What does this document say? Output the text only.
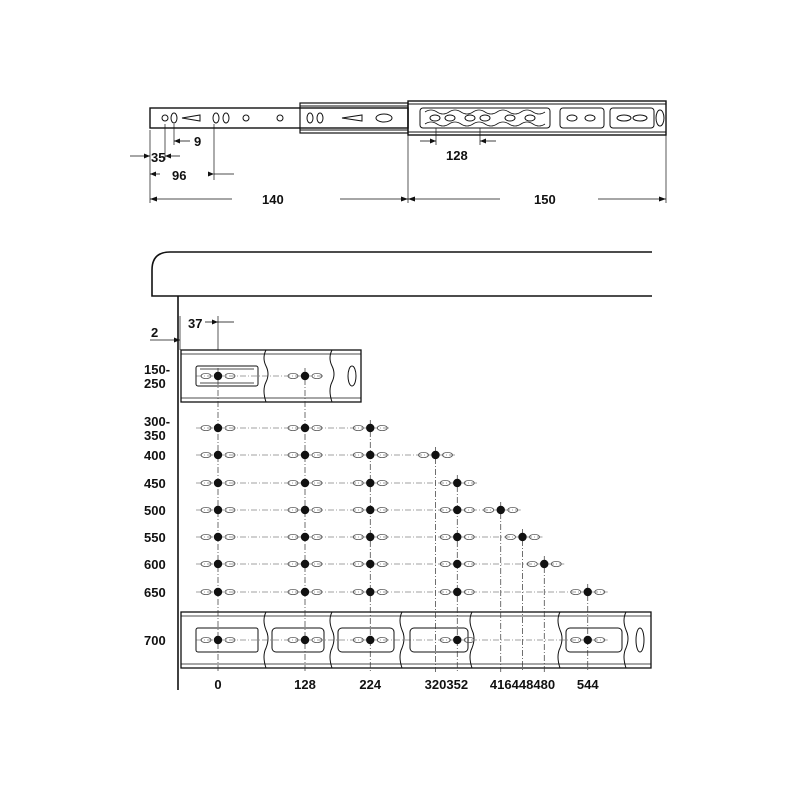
9
35
96
128
140	150
2
37
150-
250
300-
350
400
450
500
550
600
650
700
0	128	224	320 352 416 448 480 544
